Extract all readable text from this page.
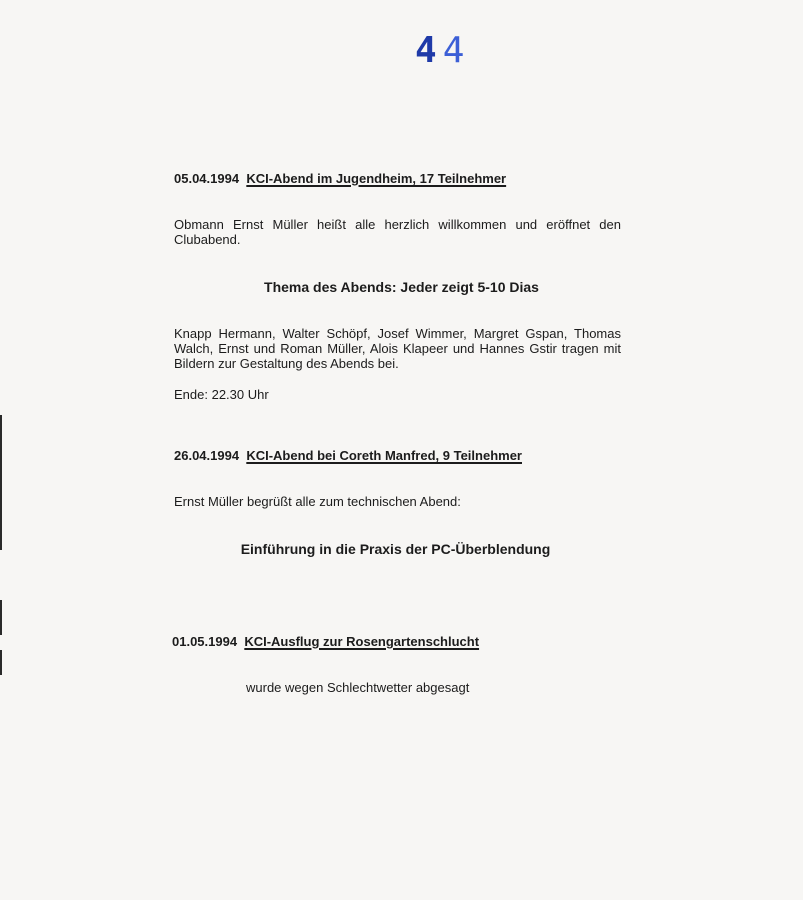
44
05.04.1994 KCI-Abend im Jugendheim, 17 Teilnehmer
Obmann Ernst Müller heißt alle herzlich willkommen und eröffnet den Clubabend.
Thema des Abends: Jeder zeigt 5-10 Dias
Knapp Hermann, Walter Schöpf, Josef Wimmer, Margret Gspan, Thomas Walch, Ernst und Roman Müller, Alois Klapeer und Hannes Gstir tragen mit Bildern zur Gestaltung des Abends bei.
Ende: 22.30 Uhr
26.04.1994 KCI-Abend bei Coreth Manfred, 9 Teilnehmer
Ernst Müller begrüßt alle zum technischen Abend:
Einführung in die Praxis der PC-Überblendung
01.05.1994 KCI-Ausflug zur Rosengartenschlucht
wurde wegen Schlechtwetter abgesagt
